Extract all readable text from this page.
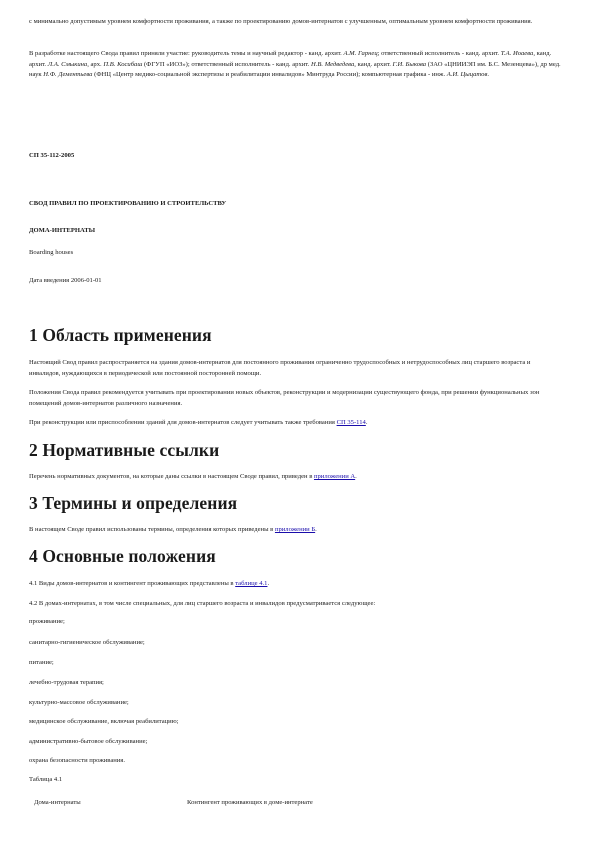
с минимально допустимым уровнем комфортности проживания, а также по проектированию домов-интернатов с улучшенным, оптимальным уровнем комфортности проживания.

В разработке настоящего Свода правил приняли участие: руководитель темы и научный редактор - канд. архит. А.М. Гарнец; ответственный исполнитель - канд. архит. Т.А. Иоаева, канд. архит. Л.А. Смыкина, арх. П.В. Косибаш (ФГУП «ИОЗ»); ответственный исполнитель - канд. архит. Н.В. Медведева, канд. архит. Г.И. Быкова (ЗАО «ЦНИИЭП им. Б.С. Мезенцева»), др мед. наук Н.Ф. Дементьева (ФНЦ «Центр медико-социальной экспертизы и реабилитации инвалидов» Минтруда России); компьютерная графика - инж. А.И. Цыцатов.

СП 35-112-2005

СВОД ПРАВИЛ ПО ПРОЕКТИРОВАНИЮ И СТРОИТЕЛЬСТВУ

ДОМА-ИНТЕРНАТЫ

Boarding houses

Дата введения 2006-01-01

1 Область применения

Настоящий Свод правил распространяется на здания домов-интернатов для постоянного проживания ограниченно трудоспособных и нетрудоспособных лиц старшего возраста и инвалидов, нуждающихся в периодической или постоянной посторонней помощи.

Положения Свода правил рекомендуется учитывать при проектировании новых объектов, реконструкции и модернизации существующего фонда, при решении функциональных зон помещений домов-интернатов различного назначения.

При реконструкции или приспособлении зданий для домов-интернатов следует учитывать также требования СП 35-114.

2 Нормативные ссылки

Перечень нормативных документов, на которые даны ссылки в настоящем Своде правил, приведен в приложении А.

3 Термины и определения

В настоящем Своде правил использованы термины, определения которых приведены в приложении Б.

4 Основные положения

4.1 Виды домов-интернатов и контингент проживающих представлены в таблице 4.1.

4.2 В домах-интернатах, в том числе специальных, для лиц старшего возраста и инвалидов предусматривается следующее:

проживание;

санитарно-гигиеническое обслуживание;

питание;

лечебно-трудовая терапия;

культурно-массовое обслуживание;

медицинское обслуживание, включая реабилитацию;

административно-бытовое обслуживание;

охрана безопасности проживания.

Таблица 4.1

Дома-интернаты	Контингент проживающих в доме-интернате
